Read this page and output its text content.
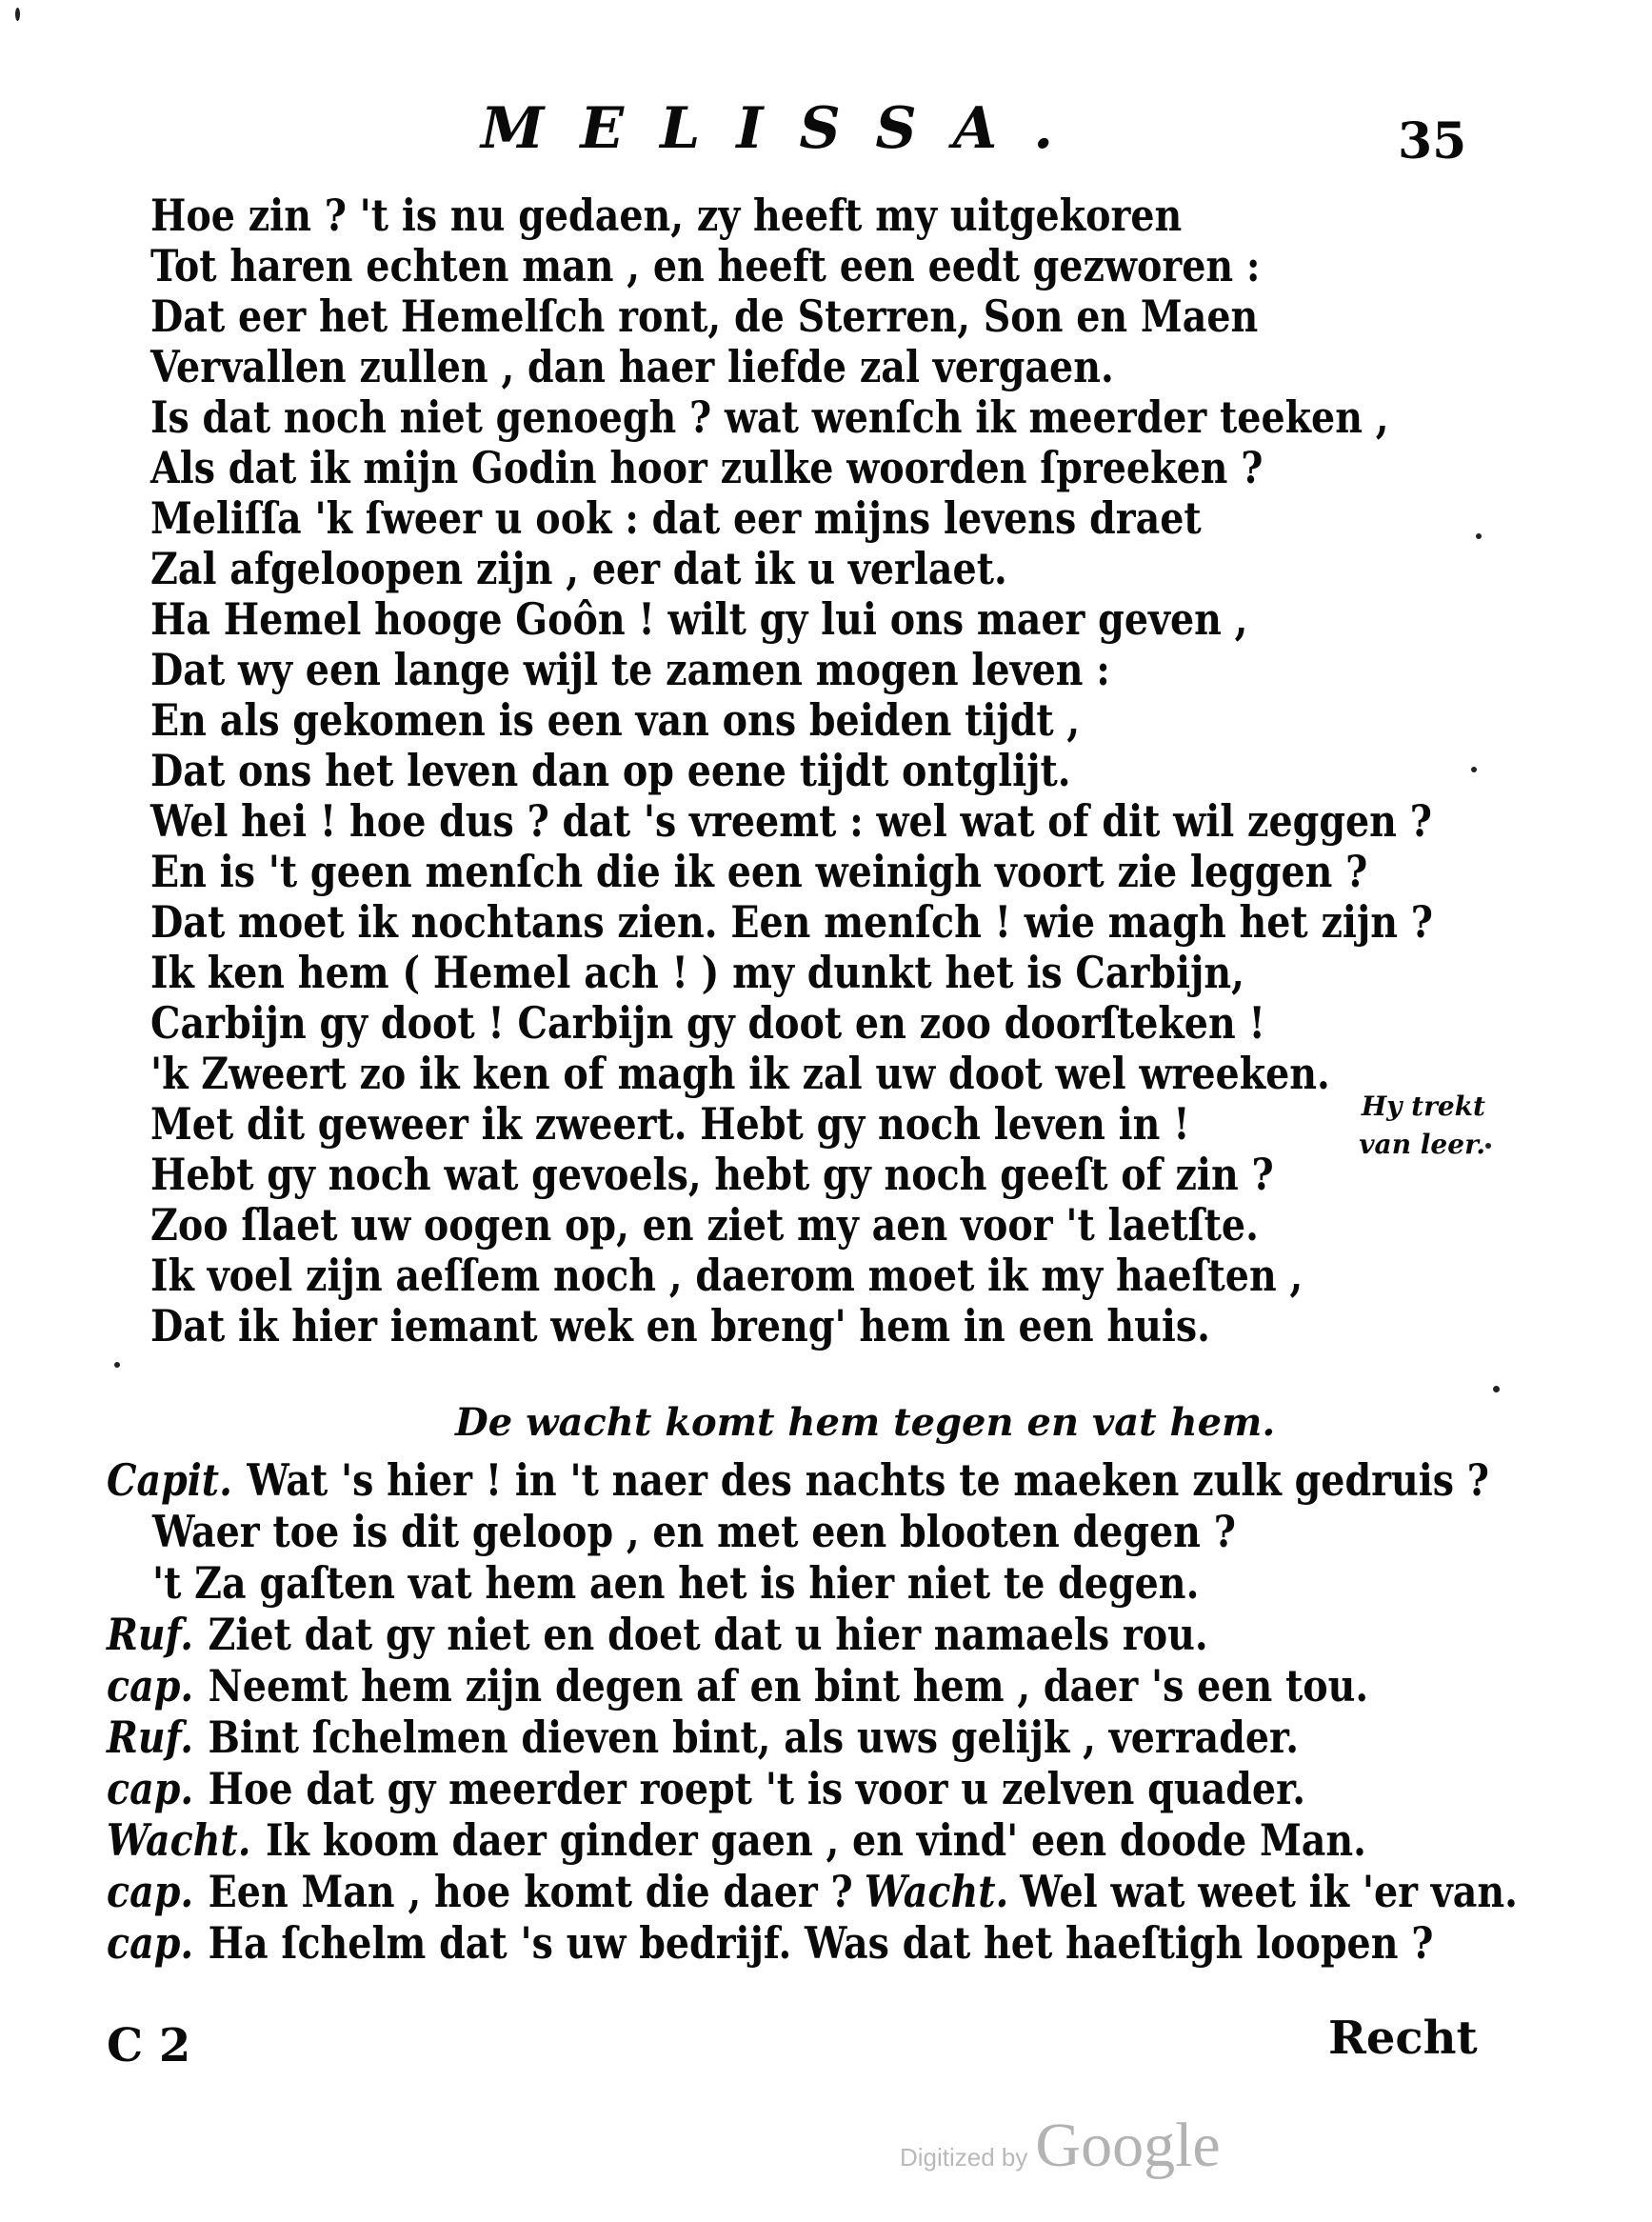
MELISSA.	35
Hoe zin ? 't is nu gedaen, zy heeft my uitgekoren
Tot haren echten man , en heeft een eedt gezworen :
Dat eer het Hemelſch ront, de Sterren, Son en Maen
Vervallen zullen , dan haer liefde zal vergaen.
Is dat noch niet genoegh ? wat wenſch ik meerder teeken ,
Als dat ik mijn Godin hoor zulke woorden ſpreeken ?
Meliſſa 'k ſweer u ook : dat eer mijns levens draet
Zal afgeloopen zijn , eer dat ik u verlaet.
Ha Hemel hooge Goôn ! wilt gy lui ons maer geven ,
Dat wy een lange wijl te zamen mogen leven :
En als gekomen is een van ons beiden tijdt ,
Dat ons het leven dan op eene tijdt ontglijt.
Wel hei ! hoe dus ? dat 's vreemt : wel wat of dit wil zeggen ?
En is 't geen menſch die ik een weinigh voort zie leggen ?
Dat moet ik nochtans zien. Een menſch ! wie magh het zijn ?
Ik ken hem ( Hemel ach ! ) my dunkt het is Carbijn,
Carbijn gy doot ! Carbijn gy doot en zoo doorſteken !
'k Zweert zo ik ken of magh ik zal uw doot wel wreeken.
Met dit geweer ik zweert. Hebt gy noch leven in !
Hebt gy noch wat gevoels, hebt gy noch geeſt of zin ?
Zoo ſlaet uw oogen op, en ziet my aen voor 't laetſte.
Ik voel zijn aeſſem noch , daerom moet ik my haeſten ,
Dat ik hier iemant wek en breng' hem in een huis.
Hy trekt van leer.
De wacht komt hem tegen en vat hem.
Capit. Wat 's hier ! in 't naer des nachts te maeken zulk gedruis ?
Waer toe is dit geloop , en met een blooten degen ?
't Za gaſten vat hem aen het is hier niet te degen.
Ruf. Ziet dat gy niet en doet dat u hier namaels rou.
cap. Neemt hem zijn degen af en bint hem , daer 's een tou.
Ruf. Bint ſchelmen dieven bint, als uws gelijk , verrader.
cap. Hoe dat gy meerder roept 't is voor u zelven quader.
Wacht. Ik koom daer ginder gaen , en vind' een doode Man.
cap. Een Man , hoe komt die daer ? Wacht. Wel wat weet ik 'er van.
cap. Ha ſchelm dat 's uw bedrijf. Was dat het haeſtigh loopen ?
C 2	Recht
Digitized by Google
